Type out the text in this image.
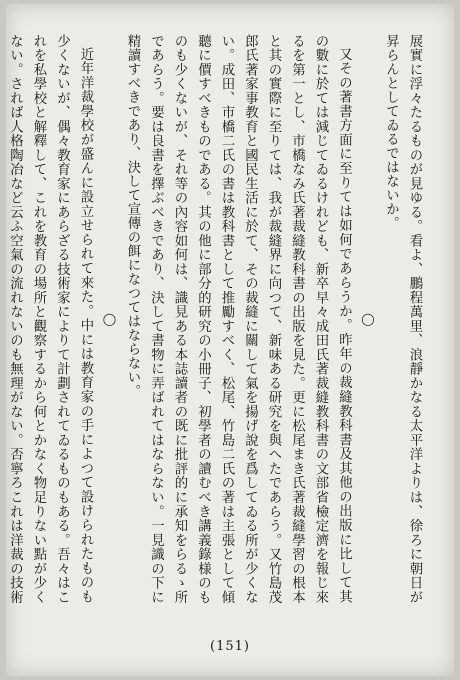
展實に浮々たるものが見ゆる。看よ、鵬程萬里、浪靜かなる太平洋よりは、徐ろに朝日が昇らんとしてゐるではないか。

◯

又その著書方面に至りては如何であらうか。昨年の裁縫教科書及其他の出版に比して其の數に於ては減じてゐるけれども、新卒早々成田氏著裁縫教科書の文部省檢定濟を報じ來るを第一とし、市橋なみ氏著裁縫教科書の出版を見た。更に松尾まき氏著裁縫學習の根本と其の實際に至りては、我が裁縫界に向つて、新味ある研究を與へたであらう。又竹島茂郎氏著家事教育と國民生活に於て、その裁縫に關して氣を揚げ說を爲してゐる所が少くない。成田、市橋二氏の書は教科書として推勵すべく、松尾、竹島二氏の著は主張として傾聽に價すべきものである。其の他に部分的研究の小冊子、初學者の讀むべき講義錄様のものも少くないが、それ等の內容如何は、識見ある本誌讀者の既に批評的に承知をらるゝ所であらう。要は良書を擇ぶべきであり、決して書物に弄ばれてはならない。一見識の下に精讀すべきであり、決して宣傳の餌になつてはならない。

◯

近年洋裁學校が盛んに設立せられて來た。中には教育家の手によつて設けられたものも少くないが、偶々教育家にあらざる技術家によりて計劃されてゐるものもある。吾々はこれを私學校と解釋して、これを教育の場所と觀察するから何とかなく物足りない點が少くない。されば人格陶冶など云ふ空氣の流れないのも無理がない。否寧ろこれは洋裁の技術

(151)
